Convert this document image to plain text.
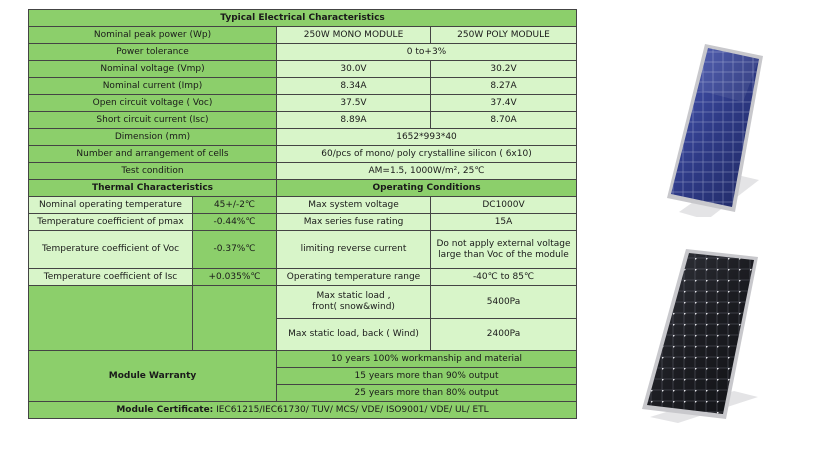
Typical Electrical Characteristics			
Nominal peak power (Wp)		250W MONO MODULE	250W POLY MODULE
Power tolerance		0 to+3%	
Nominal voltage (Vmp)		30.0V	30.2V
Nominal current (Imp)		8.34A	8.27A
Open circuit voltage ( Voc)		37.5V	37.4V
Short circuit current (Isc)		8.89A	8.70A
Dimension (mm)		1652*993*40	
Number and arrangement of cells		60/pcs of mono/ poly crystalline silicon ( 6x10)	
Test condition		AM=1.5, 1000W/m², 25℃	
Thermal Characteristics		Operating Conditions	
Nominal operating temperature	45+/-2℃	Max system voltage	DC1000V
Temperature coefficient of pmax	-0.44%℃	Max series fuse rating	15A
Temperature coefficient of Voc	-0.37%℃	limiting reverse current	Do not apply external voltage
large than Voc of the module

Temperature coefficient of Isc	+0.035%℃	Operating temperature range	-40℃ to 85℃

		Max static load ,
front( snow&wind)	5400Pa
		Max static load, back ( Wind)	2400Pa
Module Warranty		10 years 100% workmanship and material	
		15 years more than 90% output	
		25 years more than 80% output	
Module Certificate: IEC61215/IEC61730/ TUV/ MCS/ VDE/ ISO9001/ VDE/ UL/ ETL			
